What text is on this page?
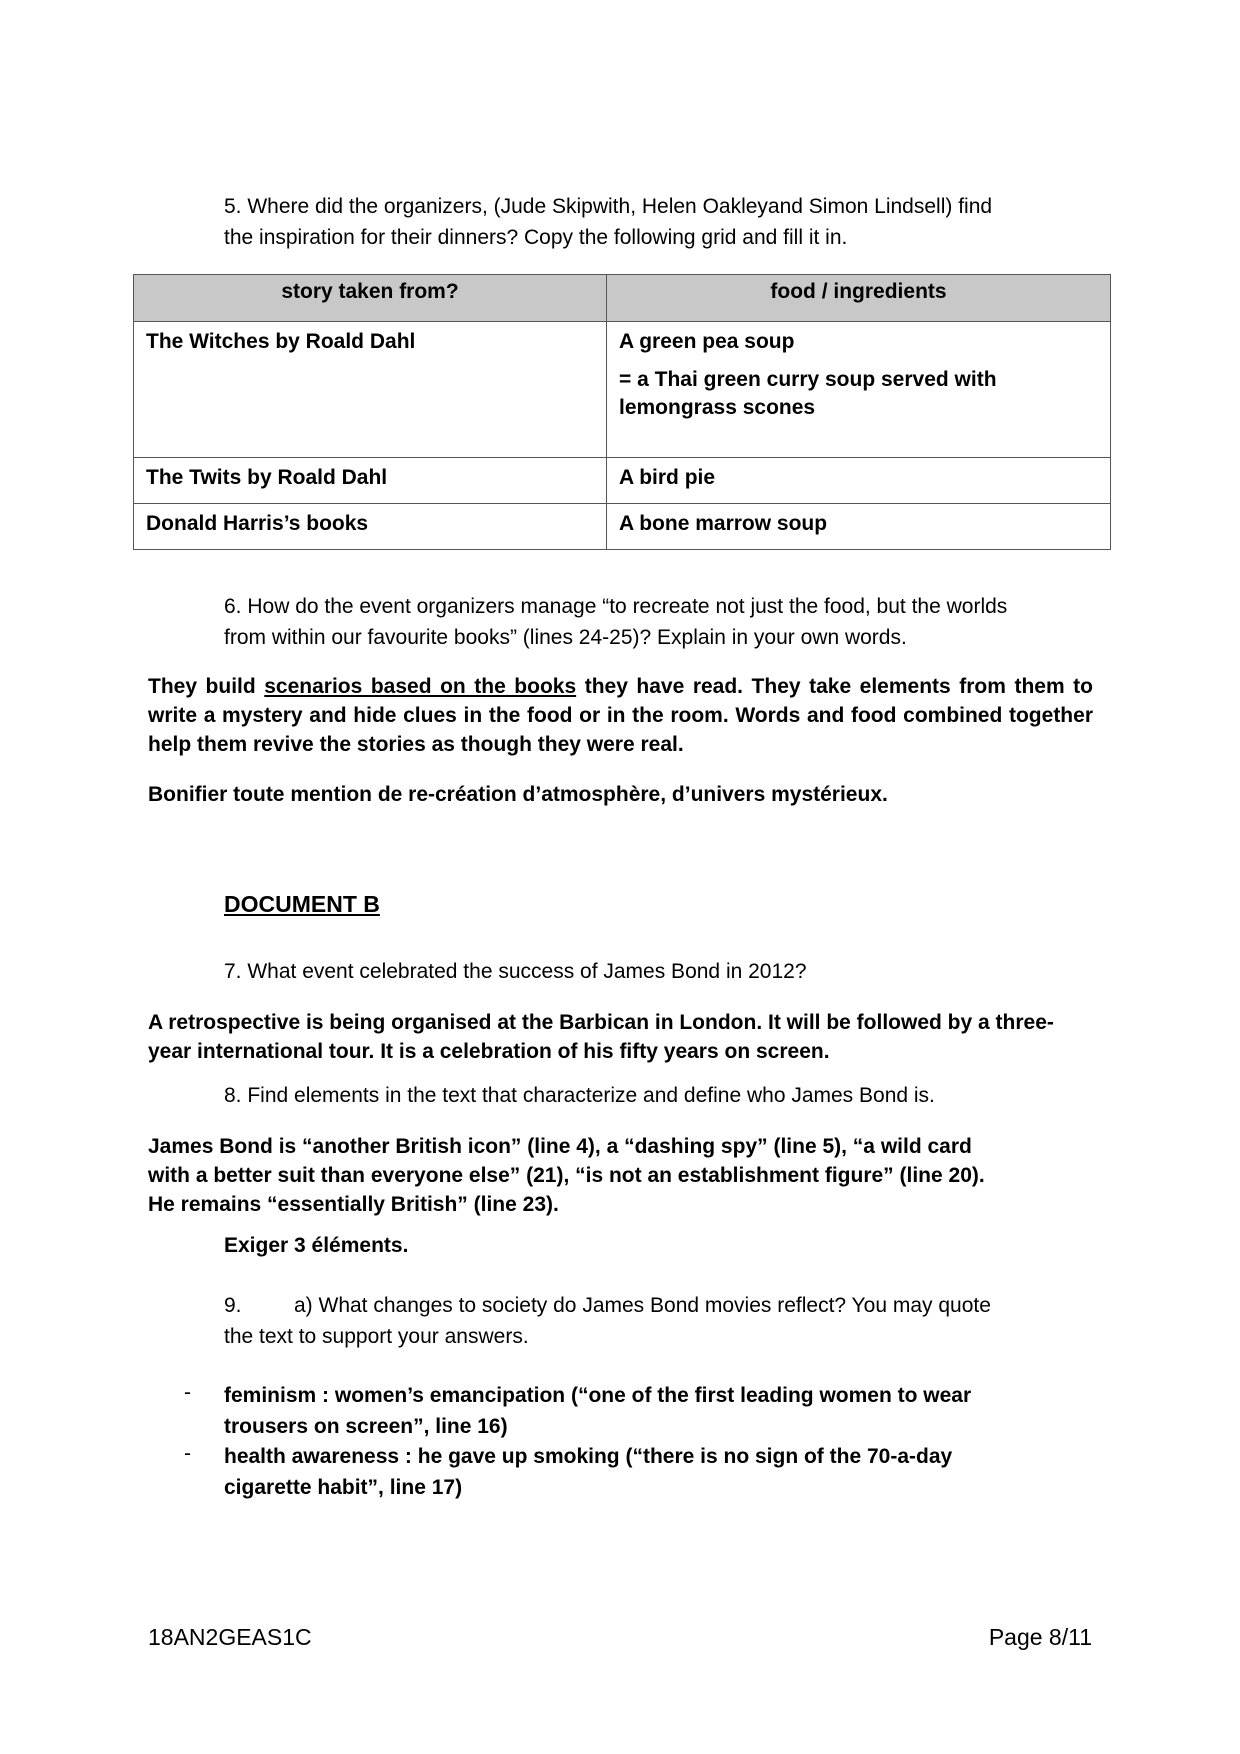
5. Where did the organizers, (Jude Skipwith, Helen Oakleyand Simon Lindsell) find
the inspiration for their dinners? Copy the following grid and fill it in.
story taken from?	food / ingredients
The Witches by Roald Dahl	A green pea soup

= a Thai green curry soup served with lemongrass scones

The Twits by Roald Dahl	A bird pie
Donald Harris’s books	A bone marrow soup
6. How do the event organizers manage “to recreate not just the food, but the worlds
from within our favourite books” (lines 24-25)? Explain in your own words.
They build scenarios based on the books they have read. They take elements from them to write a mystery and hide clues in the food or in the room. Words and food combined together help them revive the stories as though they were real.
Bonifier toute mention de re-création d’atmosphère, d’univers mystérieux.
DOCUMENT B
7. What event celebrated the success of James Bond in 2012?
A retrospective is being organised at the Barbican in London. It will be followed by a three-year international tour. It is a celebration of his fifty years on screen.
8. Find elements in the text that characterize and define who James Bond is.
James Bond is “another British icon” (line 4), a “dashing spy” (line 5), “a wild card
with a better suit than everyone else” (21), “is not an establishment figure” (line 20).
He remains “essentially British” (line 23).
Exiger 3 éléments.
9.	a) What changes to society do James Bond movies reflect? You may quote
the text to support your answers.
- feminism : women’s emancipation (“one of the first leading women to wear
trousers on screen”, line 16)
- health awareness : he gave up smoking (“there is no sign of the 70-a-day
cigarette habit”, line 17)
18AN2GEAS1C	Page 8/11
